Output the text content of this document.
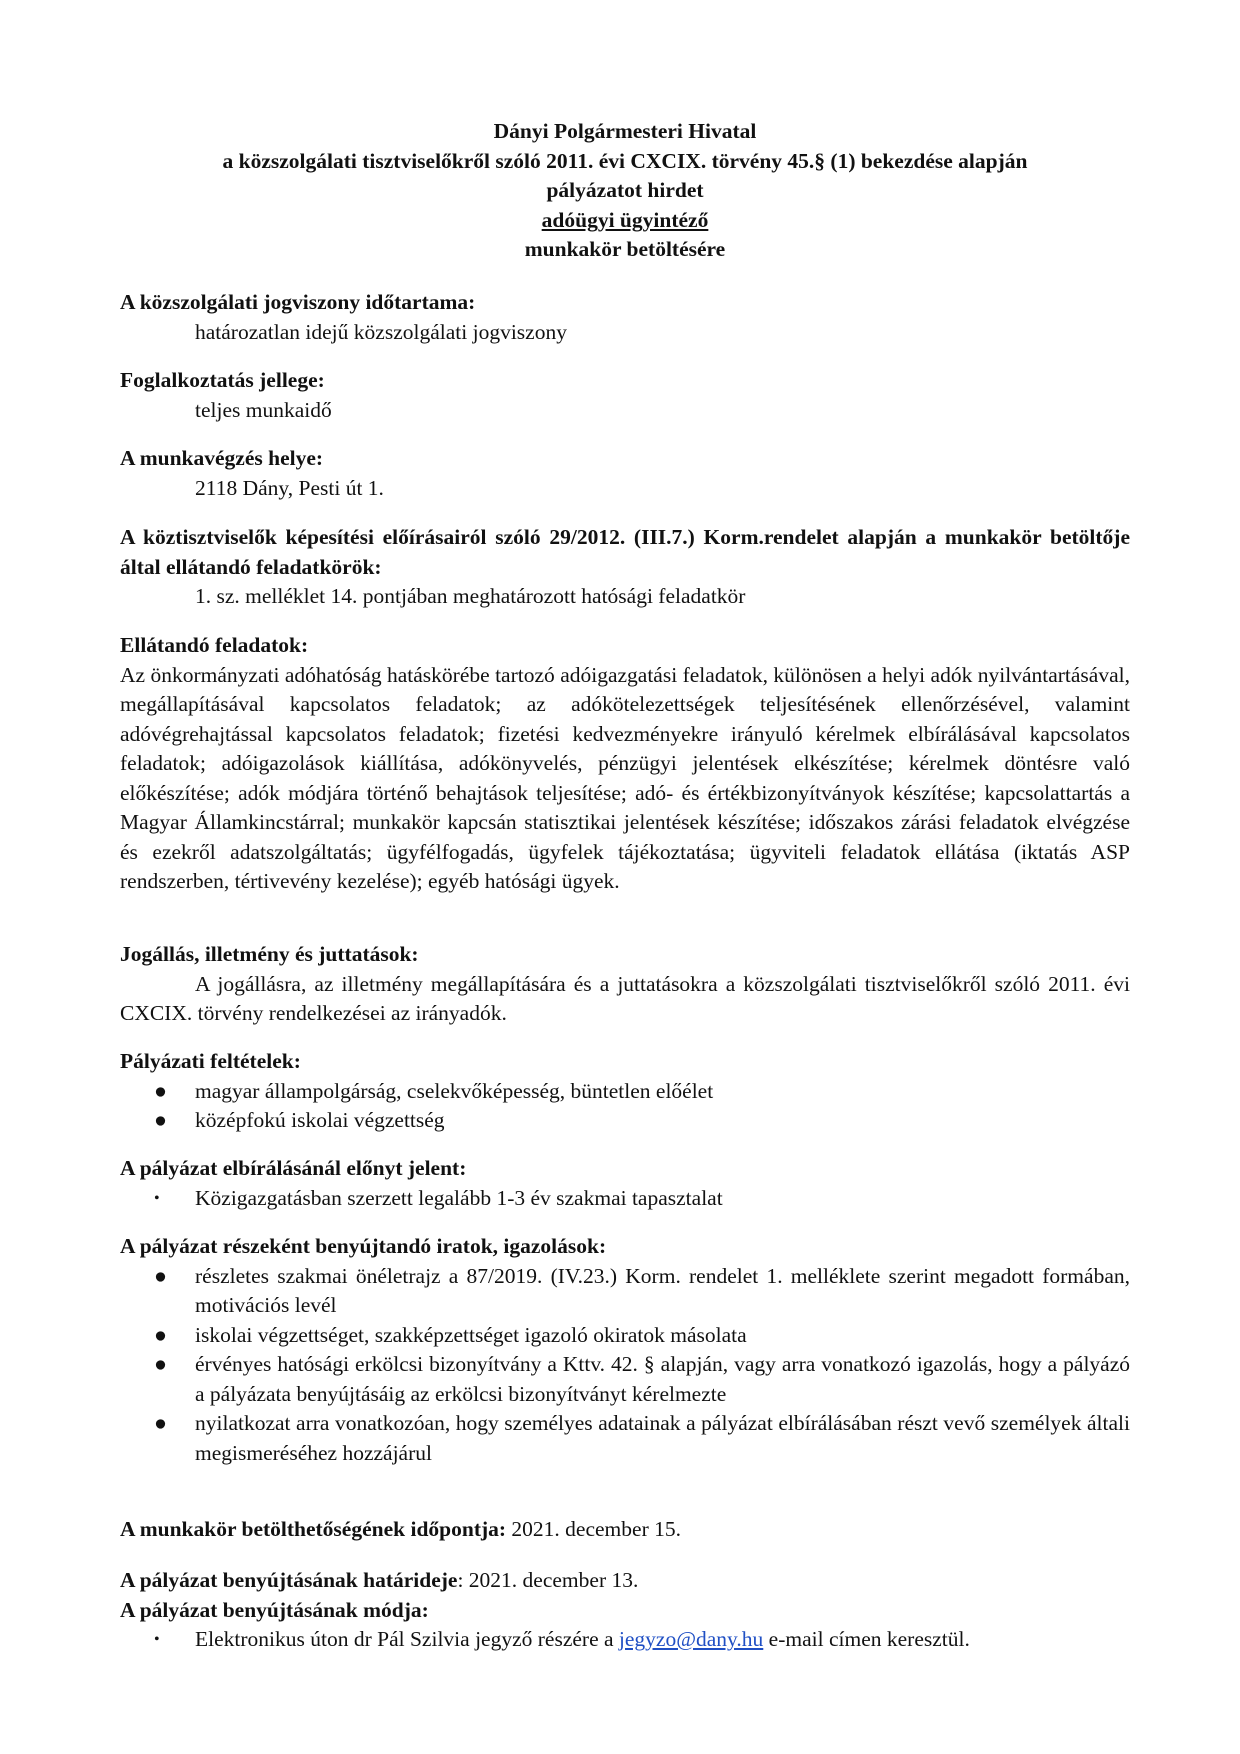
Dányi Polgármesteri Hivatal
a közszolgálati tisztviselőkről szóló 2011. évi CXCIX. törvény 45.§ (1) bekezdése alapján
pályázatot hirdet
adóügyi ügyintéző
munkakör betöltésére
A közszolgálati jogviszony időtartama:
határozatlan idejű közszolgálati jogviszony
Foglalkoztatás jellege:
teljes munkaidő
A munkavégzés helye:
2118 Dány, Pesti út 1.
A köztisztviselők képesítési előírásairól szóló 29/2012. (III.7.) Korm.rendelet alapján a munkakör betöltője által ellátandó feladatkörök:
1. sz. melléklet 14. pontjában meghatározott hatósági feladatkör
Ellátandó feladatok:
Az önkormányzati adóhatóság hatáskörébe tartozó adóigazgatási feladatok, különösen a helyi adók nyilvántartásával, megállapításával kapcsolatos feladatok; az adókötelezettségek teljesítésének ellenőrzésével, valamint adóvégrehajtással kapcsolatos feladatok; fizetési kedvezményekre irányuló kérelmek elbírálásával kapcsolatos feladatok; adóigazolások kiállítása, adókönyvelés, pénzügyi jelentések elkészítése; kérelmek döntésre való előkészítése; adók módjára történő behajtások teljesítése; adó- és értékbizonyítványok készítése; kapcsolattartás a Magyar Államkincstárral; munkakör kapcsán statisztikai jelentések készítése; időszakos zárási feladatok elvégzése és ezekről adatszolgáltatás; ügyfélfogadás, ügyfelek tájékoztatása; ügyviteli feladatok ellátása (iktatás ASP rendszerben, tértivevény kezelése); egyéb hatósági ügyek.
Jogállás, illetmény és juttatások:
A jogállásra, az illetmény megállapítására és a juttatásokra a közszolgálati tisztviselőkről szóló 2011. évi CXCIX. törvény rendelkezései az irányadók.
Pályázati feltételek:
● magyar állampolgárság, cselekvőképesség, büntetlen előélet
● középfokú iskolai végzettség
A pályázat elbírálásánál előnyt jelent:
• Közigazgatásban szerzett legalább 1-3 év szakmai tapasztalat
A pályázat részeként benyújtandó iratok, igazolások:
● részletes szakmai önéletrajz a 87/2019. (IV.23.) Korm. rendelet 1. melléklete szerint megadott formában, motivációs levél
● iskolai végzettséget, szakképzettséget igazoló okiratok másolata
● érvényes hatósági erkölcsi bizonyítvány a Kttv. 42. § alapján, vagy arra vonatkozó igazolás, hogy a pályázó a pályázata benyújtásáig az erkölcsi bizonyítványt kérelmezte
● nyilatkozat arra vonatkozóan, hogy személyes adatainak a pályázat elbírálásában részt vevő személyek általi megismeréséhez hozzájárul
A munkakör betölthetőségének időpontja: 2021. december 15.
A pályázat benyújtásának határideje: 2021. december 13.
A pályázat benyújtásának módja:
• Elektronikus úton dr Pál Szilvia jegyző részére a jegyzo@dany.hu e-mail címen keresztül.
